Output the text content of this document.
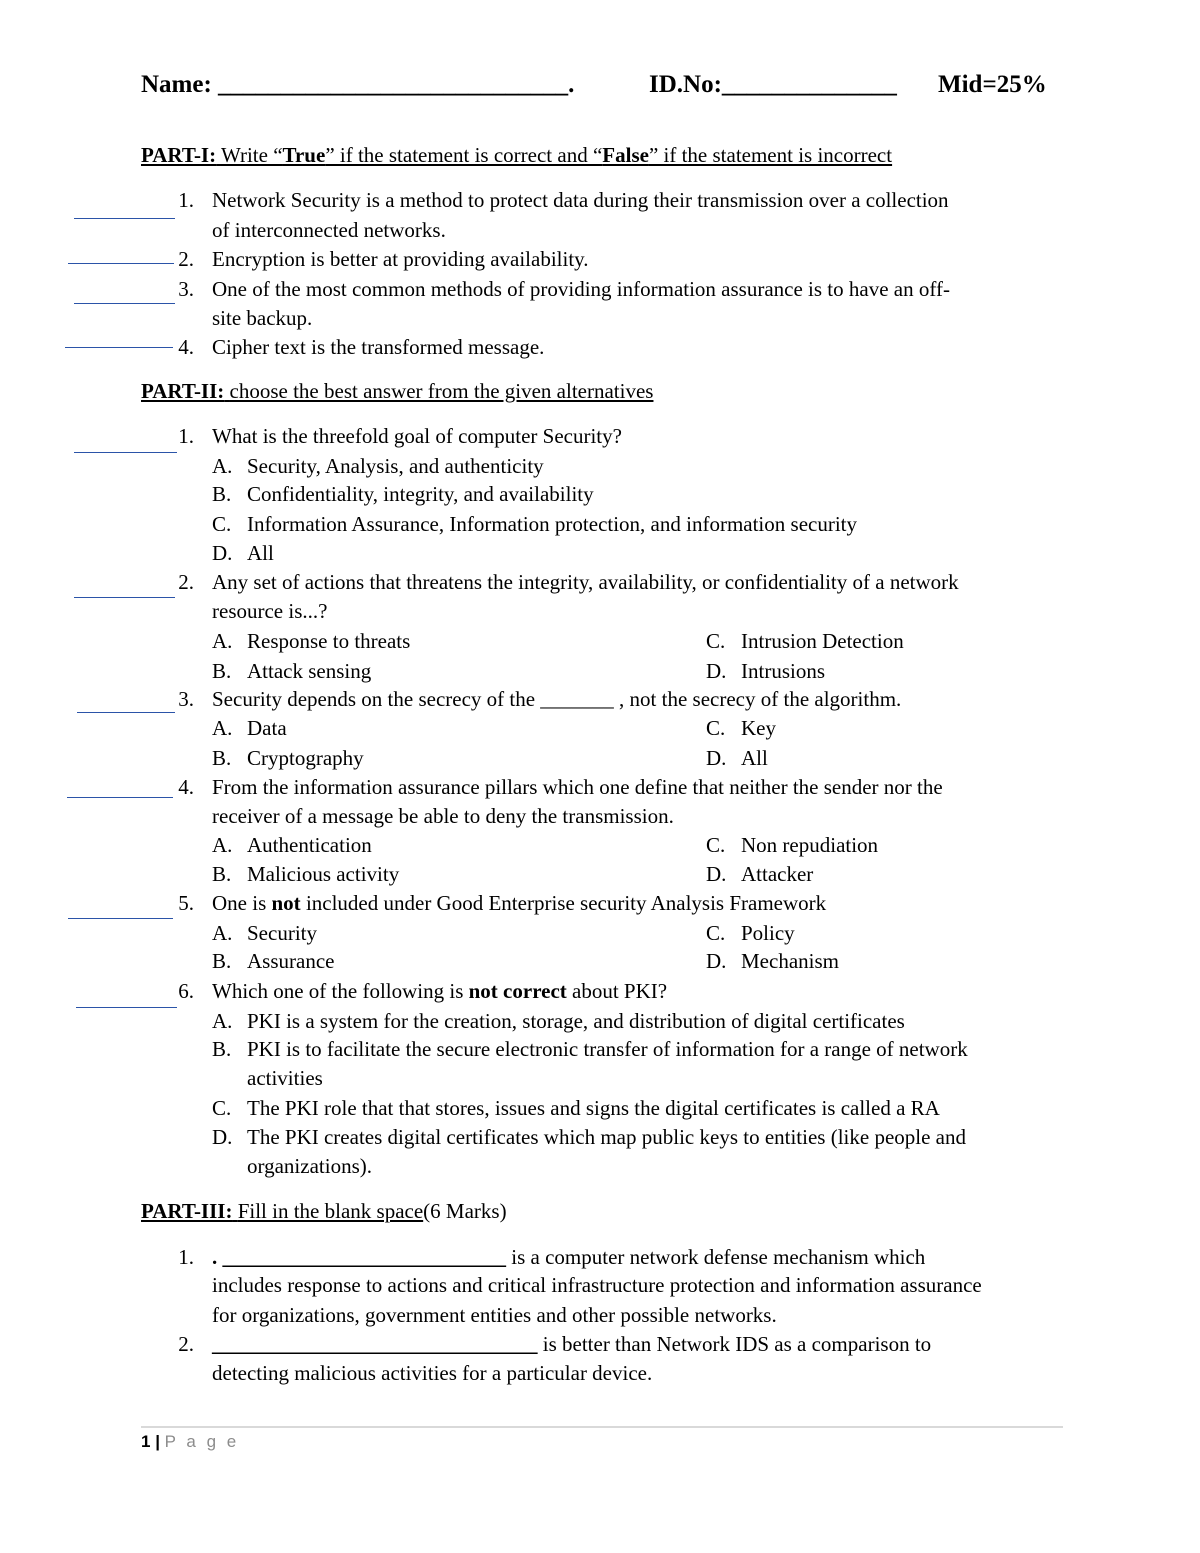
Name: ____________________________.	ID.No:______________ Mid=25%
PART-I: Write “True” if the statement is correct and “False” if the statement is incorrect
1. Network Security is a method to protect data during their transmission over a collection
of interconnected networks.
2. Encryption is better at providing availability.
3. One of the most common methods of providing information assurance is to have an off-
site backup.
4. Cipher text is the transformed message.
PART-II: choose the best answer from the given alternatives
1. What is the threefold goal of computer Security?
A. Security, Analysis, and authenticity
B. Confidentiality, integrity, and availability
C. Information Assurance, Information protection, and information security
D. All
2. Any set of actions that threatens the integrity, availability, or confidentiality of a network
resource is...?
A. Response to threats	C. Intrusion Detection
B. Attack sensing	D. Intrusions
3. Security depends on the secrecy of the _______ , not the secrecy of the algorithm.
A. Data	C. Key
B. Cryptography	D. All
4. From the information assurance pillars which one define that neither the sender nor the
receiver of a message be able to deny the transmission.
A. Authentication	C. Non repudiation
B. Malicious activity	D. Attacker
5. One is not included under Good Enterprise security Analysis Framework
A. Security	C. Policy
B. Assurance	D. Mechanism
6. Which one of the following is not correct about PKI?
A. PKI is a system for the creation, storage, and distribution of digital certificates
B. PKI is to facilitate the secure electronic transfer of information for a range of network
activities
C. The PKI role that that stores, issues and signs the digital certificates is called a RA
D. The PKI creates digital certificates which map public keys to entities (like people and
organizations).
PART-III: Fill in the blank space(6 Marks)
1. . ___________________________ is a computer network defense mechanism which
includes response to actions and critical infrastructure protection and information assurance
for organizations, government entities and other possible networks.
2. _______________________________ is better than Network IDS as a comparison to
detecting malicious activities for a particular device.
1 | P a g e
